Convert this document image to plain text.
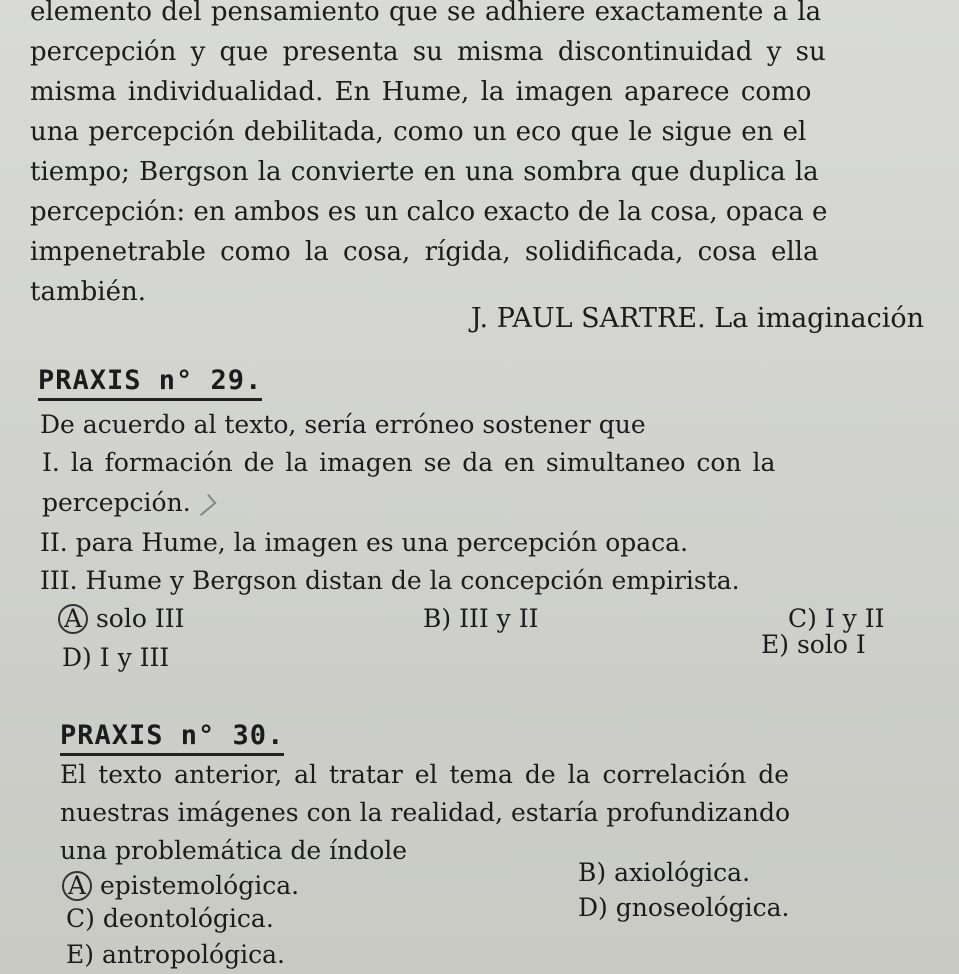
elemento del pensamiento que se adhiere exactamente a la
percepción y que presenta su misma discontinuidad y su
misma individualidad. En Hume, la imagen aparece como
una percepción debilitada, como un eco que le sigue en el
tiempo; Bergson la convierte en una sombra que duplica la
percepción: en ambos es un calco exacto de la cosa, opaca e
impenetrable como la cosa, rígida, solidificada, cosa ella
también.
J. PAUL SARTRE. La imaginación
PRAXIS n° 29.
De acuerdo al texto, sería erróneo sostener que
I. la formación de la imagen se da en simultaneo con la
percepción.
II. para Hume, la imagen es una percepción opaca.
III. Hume y Bergson distan de la concepción empirista.
A solo III	B) III y II	C) I y II
D) I y III	E) solo I
PRAXIS n° 30.
El texto anterior, al tratar el tema de la correlación de
nuestras imágenes con la realidad, estaría profundizando
una problemática de índole
A epistemológica.	B) axiológica.
C) deontológica.	D) gnoseológica.
E) antropológica.
